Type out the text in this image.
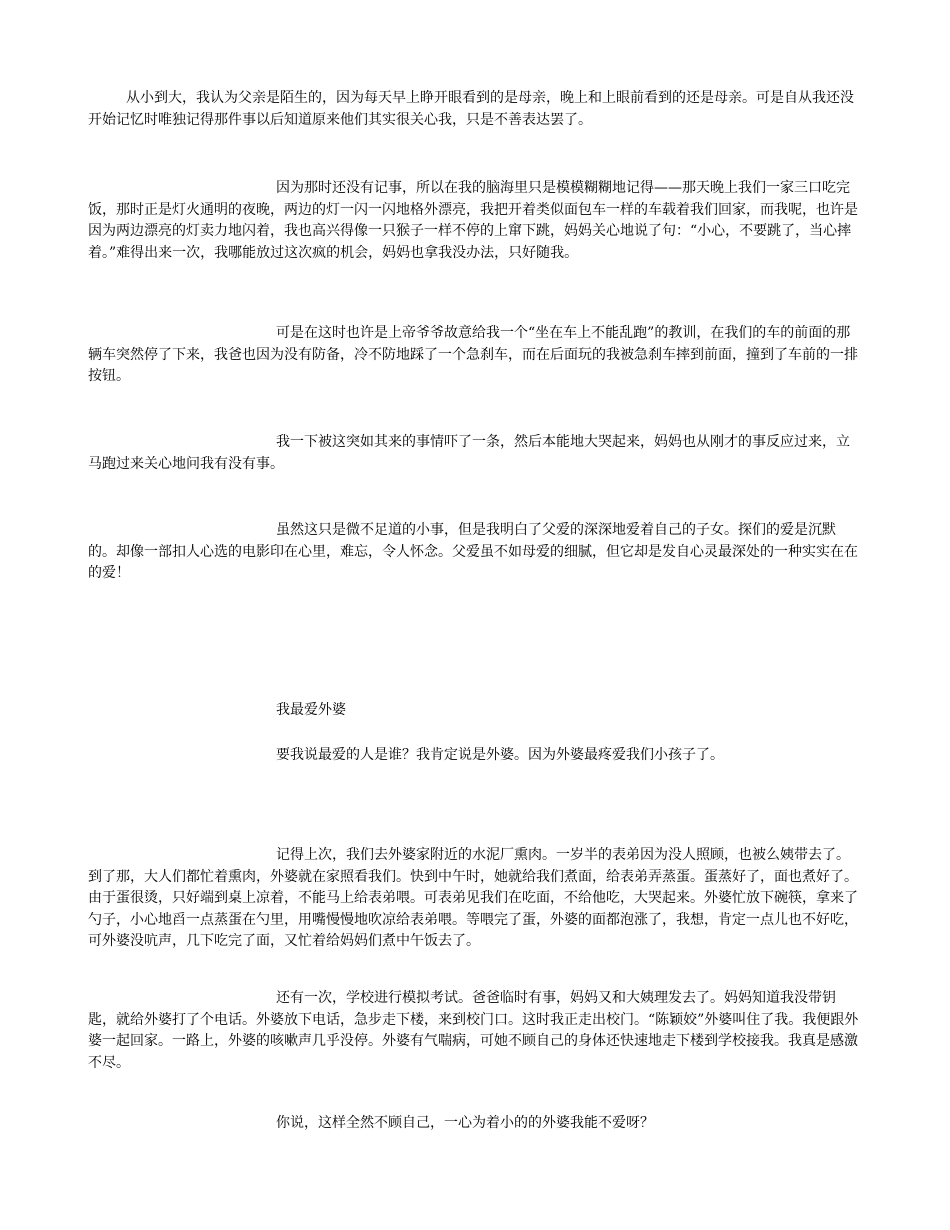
从小到大，我认为父亲是陌生的，因为每天早上睁开眼看到的是母亲，晚上和上眼前看到的还是母亲。可是自从我还没开始记忆时唯独记得那件事以后知道原来他们其实很关心我，只是不善表达罢了。

因为那时还没有记事，所以在我的脑海里只是模模糊糊地记得——那天晚上我们一家三口吃完饭，那时正是灯火通明的夜晚，两边的灯一闪一闪地格外漂亮，我把开着类似面包车一样的车载着我们回家，而我呢，也许是因为两边漂亮的灯卖力地闪着，我也高兴得像一只猴子一样不停的上窜下跳，妈妈关心地说了句：“小心，不要跳了，当心摔着。”难得出来一次，我哪能放过这次疯的机会，妈妈也拿我没办法，只好随我。

可是在这时也许是上帝爷爷故意给我一个“坐在车上不能乱跑”的教训，在我们的车的前面的那辆车突然停了下来，我爸也因为没有防备，冷不防地踩了一个急刹车，而在后面玩的我被急刹车摔到前面，撞到了车前的一排按钮。

我一下被这突如其来的事情吓了一条，然后本能地大哭起来，妈妈也从刚才的事反应过来，立马跑过来关心地问我有没有事。

虽然这只是微不足道的小事，但是我明白了父爱的深深地爱着自己的子女。探们的爱是沉默的。却像一部扣人心选的电影印在心里，难忘，令人怀念。父爱虽不如母爱的细腻，但它却是发自心灵最深处的一种实实在在的爱！

我最爱外婆

要我说最爱的人是谁？我肯定说是外婆。因为外婆最疼爱我们小孩子了。

记得上次，我们去外婆家附近的水泥厂熏肉。一岁半的表弟因为没人照顾，也被么姨带去了。到了那，大人们都忙着熏肉，外婆就在家照看我们。快到中午时，她就给我们煮面，给表弟弄蒸蛋。蛋蒸好了，面也煮好了。由于蛋很烫，只好端到桌上凉着，不能马上给表弟喂。可表弟见我们在吃面，不给他吃，大哭起来。外婆忙放下碗筷，拿来了勺子，小心地舀一点蒸蛋在勺里，用嘴慢慢地吹凉给表弟喂。等喂完了蛋，外婆的面都泡涨了，我想，肯定一点儿也不好吃，可外婆没吭声，几下吃完了面，又忙着给妈妈们煮中午饭去了。

还有一次，学校进行模拟考试。爸爸临时有事，妈妈又和大姨理发去了。妈妈知道我没带钥匙，就给外婆打了个电话。外婆放下电话，急步走下楼，来到校门口。这时我正走出校门。“陈颖姣”外婆叫住了我。我便跟外婆一起回家。一路上，外婆的咳嗽声几乎没停。外婆有气喘病，可她不顾自己的身体还快速地走下楼到学校接我。我真是感激不尽。

你说，这样全然不顾自己，一心为着小的的外婆我能不爱呀？
